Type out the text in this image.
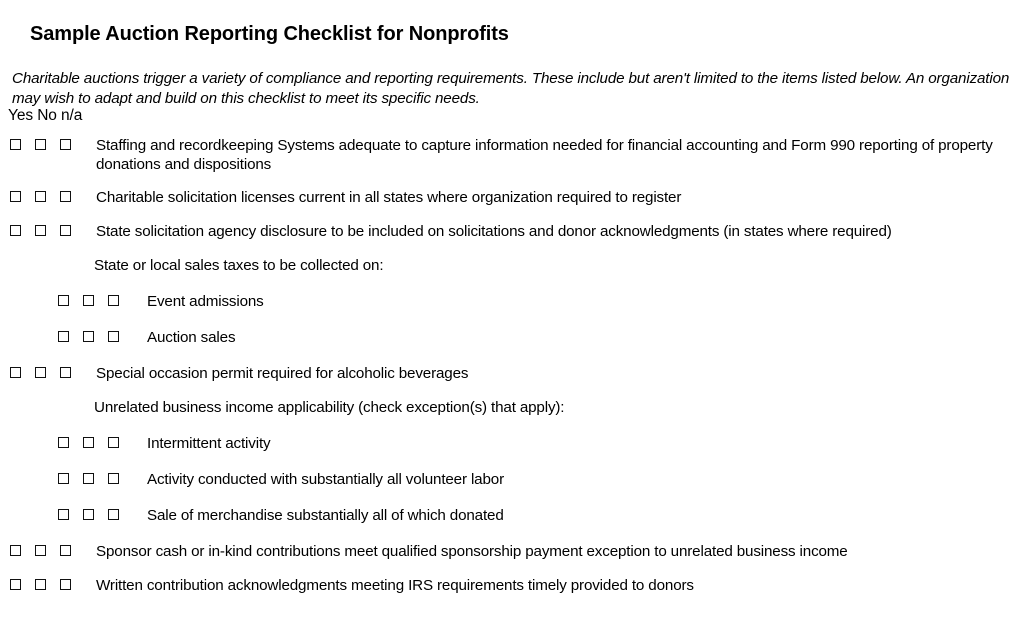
Sample Auction Reporting Checklist for Nonprofits

Charitable auctions trigger a variety of compliance and reporting requirements. These include but aren't limited to the items listed below. An organization may wish to adapt and build on this checklist to meet its specific needs.

Yes No n/a
Staffing and recordkeeping Systems adequate to capture information needed for financial accounting and Form 990 reporting of property donations and dispositions
Charitable solicitation licenses current in all states where organization required to register
State solicitation agency disclosure to be included on solicitations and donor acknowledgments (in states where required)
State or local sales taxes to be collected on:
Event admissions
Auction sales
Special occasion permit required for alcoholic beverages
Unrelated business income applicability (check exception(s) that apply):
Intermittent activity
Activity conducted with substantially all volunteer labor
Sale of merchandise substantially all of which donated
Sponsor cash or in-kind contributions meet qualified sponsorship payment exception to unrelated business income
Written contribution acknowledgments meeting IRS requirements timely provided to donors
